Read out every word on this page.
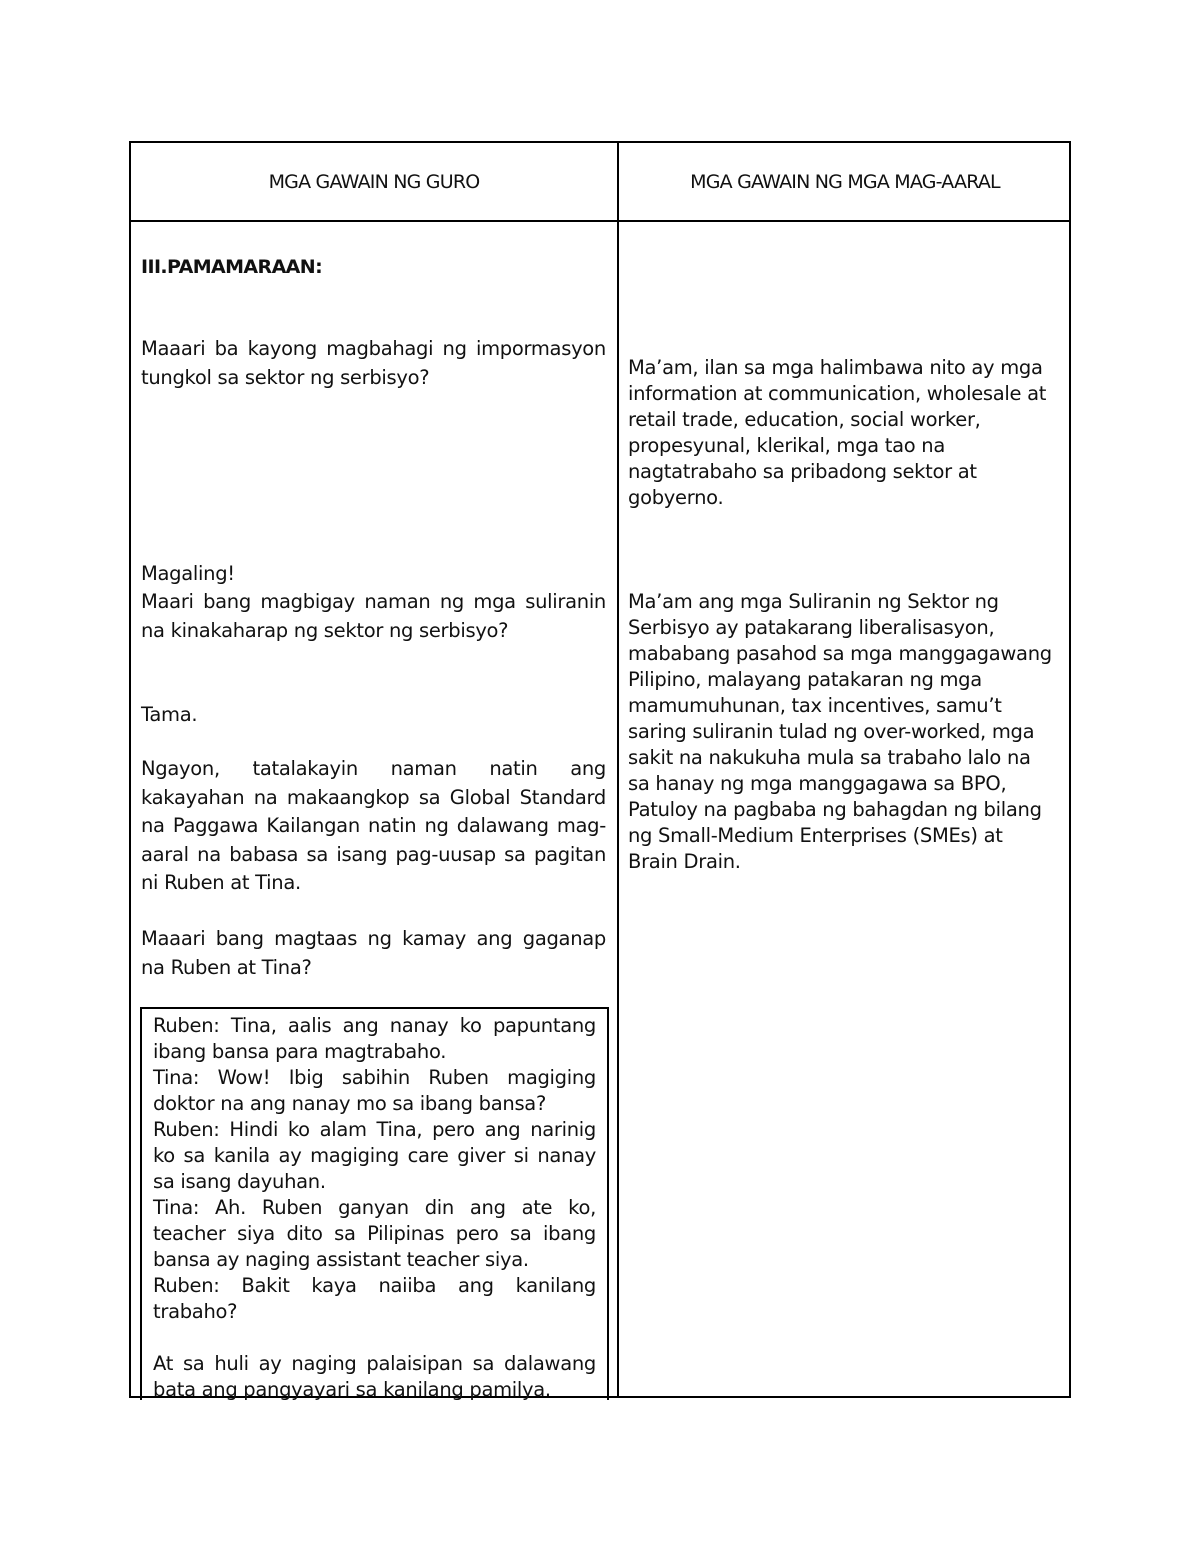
MGA GAWAIN NG GURO	MGA GAWAIN NG MGA MAG-AARAL
III.PAMAMARAAN:
Maaari ba kayong magbahagi ng impormasyon tungkol sa sektor ng serbisyo?
Magaling!
Maari bang magbigay naman ng mga suliranin na kinakaharap ng sektor ng serbisyo?
Tama.
Ngayon, tatalakayin naman natin ang kakayahan na makaangkop sa Global Standard na Paggawa Kailangan natin ng dalawang mag-aaral na babasa sa isang pag-uusap sa pagitan ni Ruben at Tina.
Maaari bang magtaas ng kamay ang gaganap na Ruben at Tina?

Ruben: Tina, aalis ang nanay ko papuntang ibang bansa para magtrabaho.

Tina: Wow! Ibig sabihin Ruben magiging doktor na ang nanay mo sa ibang bansa?

Ruben: Hindi ko alam Tina, pero ang narinig ko sa kanila ay magiging care giver si nanay sa isang dayuhan.

Tina: Ah. Ruben ganyan din ang ate ko, teacher siya dito sa Pilipinas pero sa ibang bansa ay naging assistant teacher siya.

Ruben: Bakit kaya naiiba ang kanilang trabaho?

At sa huli ay naging palaisipan sa dalawang bata ang pangyayari sa kanilang pamilya.

Ma’am, ilan sa mga halimbawa nito ay mga information at communication, wholesale at retail trade, education, social worker, propesyunal, klerikal, mga tao na nagtatrabaho sa pribadong sektor at gobyerno.
Ma’am ang mga Suliranin ng Sektor ng Serbisyo ay patakarang liberalisasyon, mababang pasahod sa mga manggagawang Pilipino, malayang patakaran ng mga mamumuhunan, tax incentives, samu’t saring suliranin tulad ng over-worked, mga sakit na nakukuha mula sa trabaho lalo na sa hanay ng mga manggagawa sa BPO, Patuloy na pagbaba ng bahagdan ng bilang ng Small-Medium Enterprises (SMEs) at Brain Drain.
